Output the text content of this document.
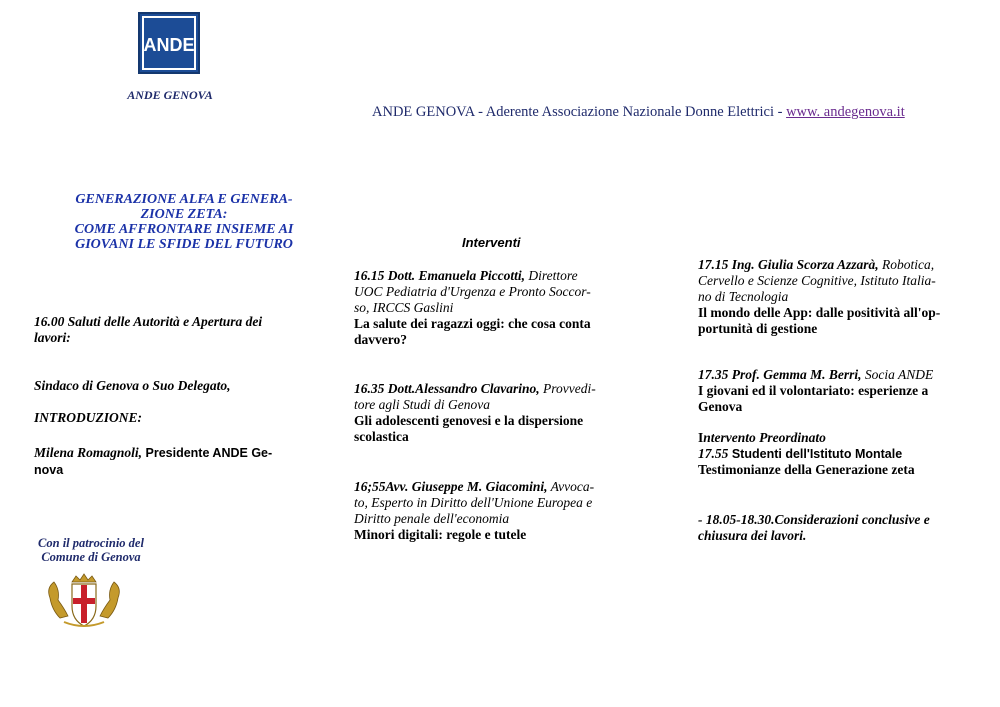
ANDE
ANDE GENOVA
ANDE GENOVA - Aderente Associazione Nazionale Donne Elettrici - www. andegenova.it
GENERAZIONE ALFA E GENERA-
ZIONE ZETA:
COME AFFRONTARE INSIEME AI
GIOVANI LE SFIDE DEL FUTURO
16.00 Saluti delle Autorità e Apertura dei
lavori:
Sindaco di Genova o Suo Delegato,
INTRODUZIONE:
Milena Romagnoli, Presidente ANDE Ge-
nova
Con il patrocinio del
Comune di Genova
Interventi
16.15 Dott. Emanuela Piccotti, Direttore
UOC Pediatria d'Urgenza e Pronto Soccor-
so, IRCCS Gaslini
La salute dei ragazzi oggi: che cosa conta
davvero?
16.35 Dott.Alessandro Clavarino, Provvedi-
tore agli Studi di Genova
Gli adolescenti genovesi e la dispersione
scolastica
16;55Avv. Giuseppe M. Giacomini, Avvoca-
to, Esperto in Diritto dell'Unione Europea e
Diritto penale dell'economia
Minori digitali: regole e tutele
17.15 Ing. Giulia Scorza Azzarà, Robotica,
Cervello e Scienze Cognitive, Istituto Italia-
no di Tecnologia
Il mondo delle App: dalle positività all'op-
portunità di gestione
17.35 Prof. Gemma M. Berri, Socia ANDE
I giovani ed il volontariato: esperienze a
Genova
Intervento Preordinato
17.55 Studenti dell'Istituto Montale
Testimonianze della Generazione zeta
- 18.05-18.30.Considerazioni conclusive e
chiusura dei lavori.
